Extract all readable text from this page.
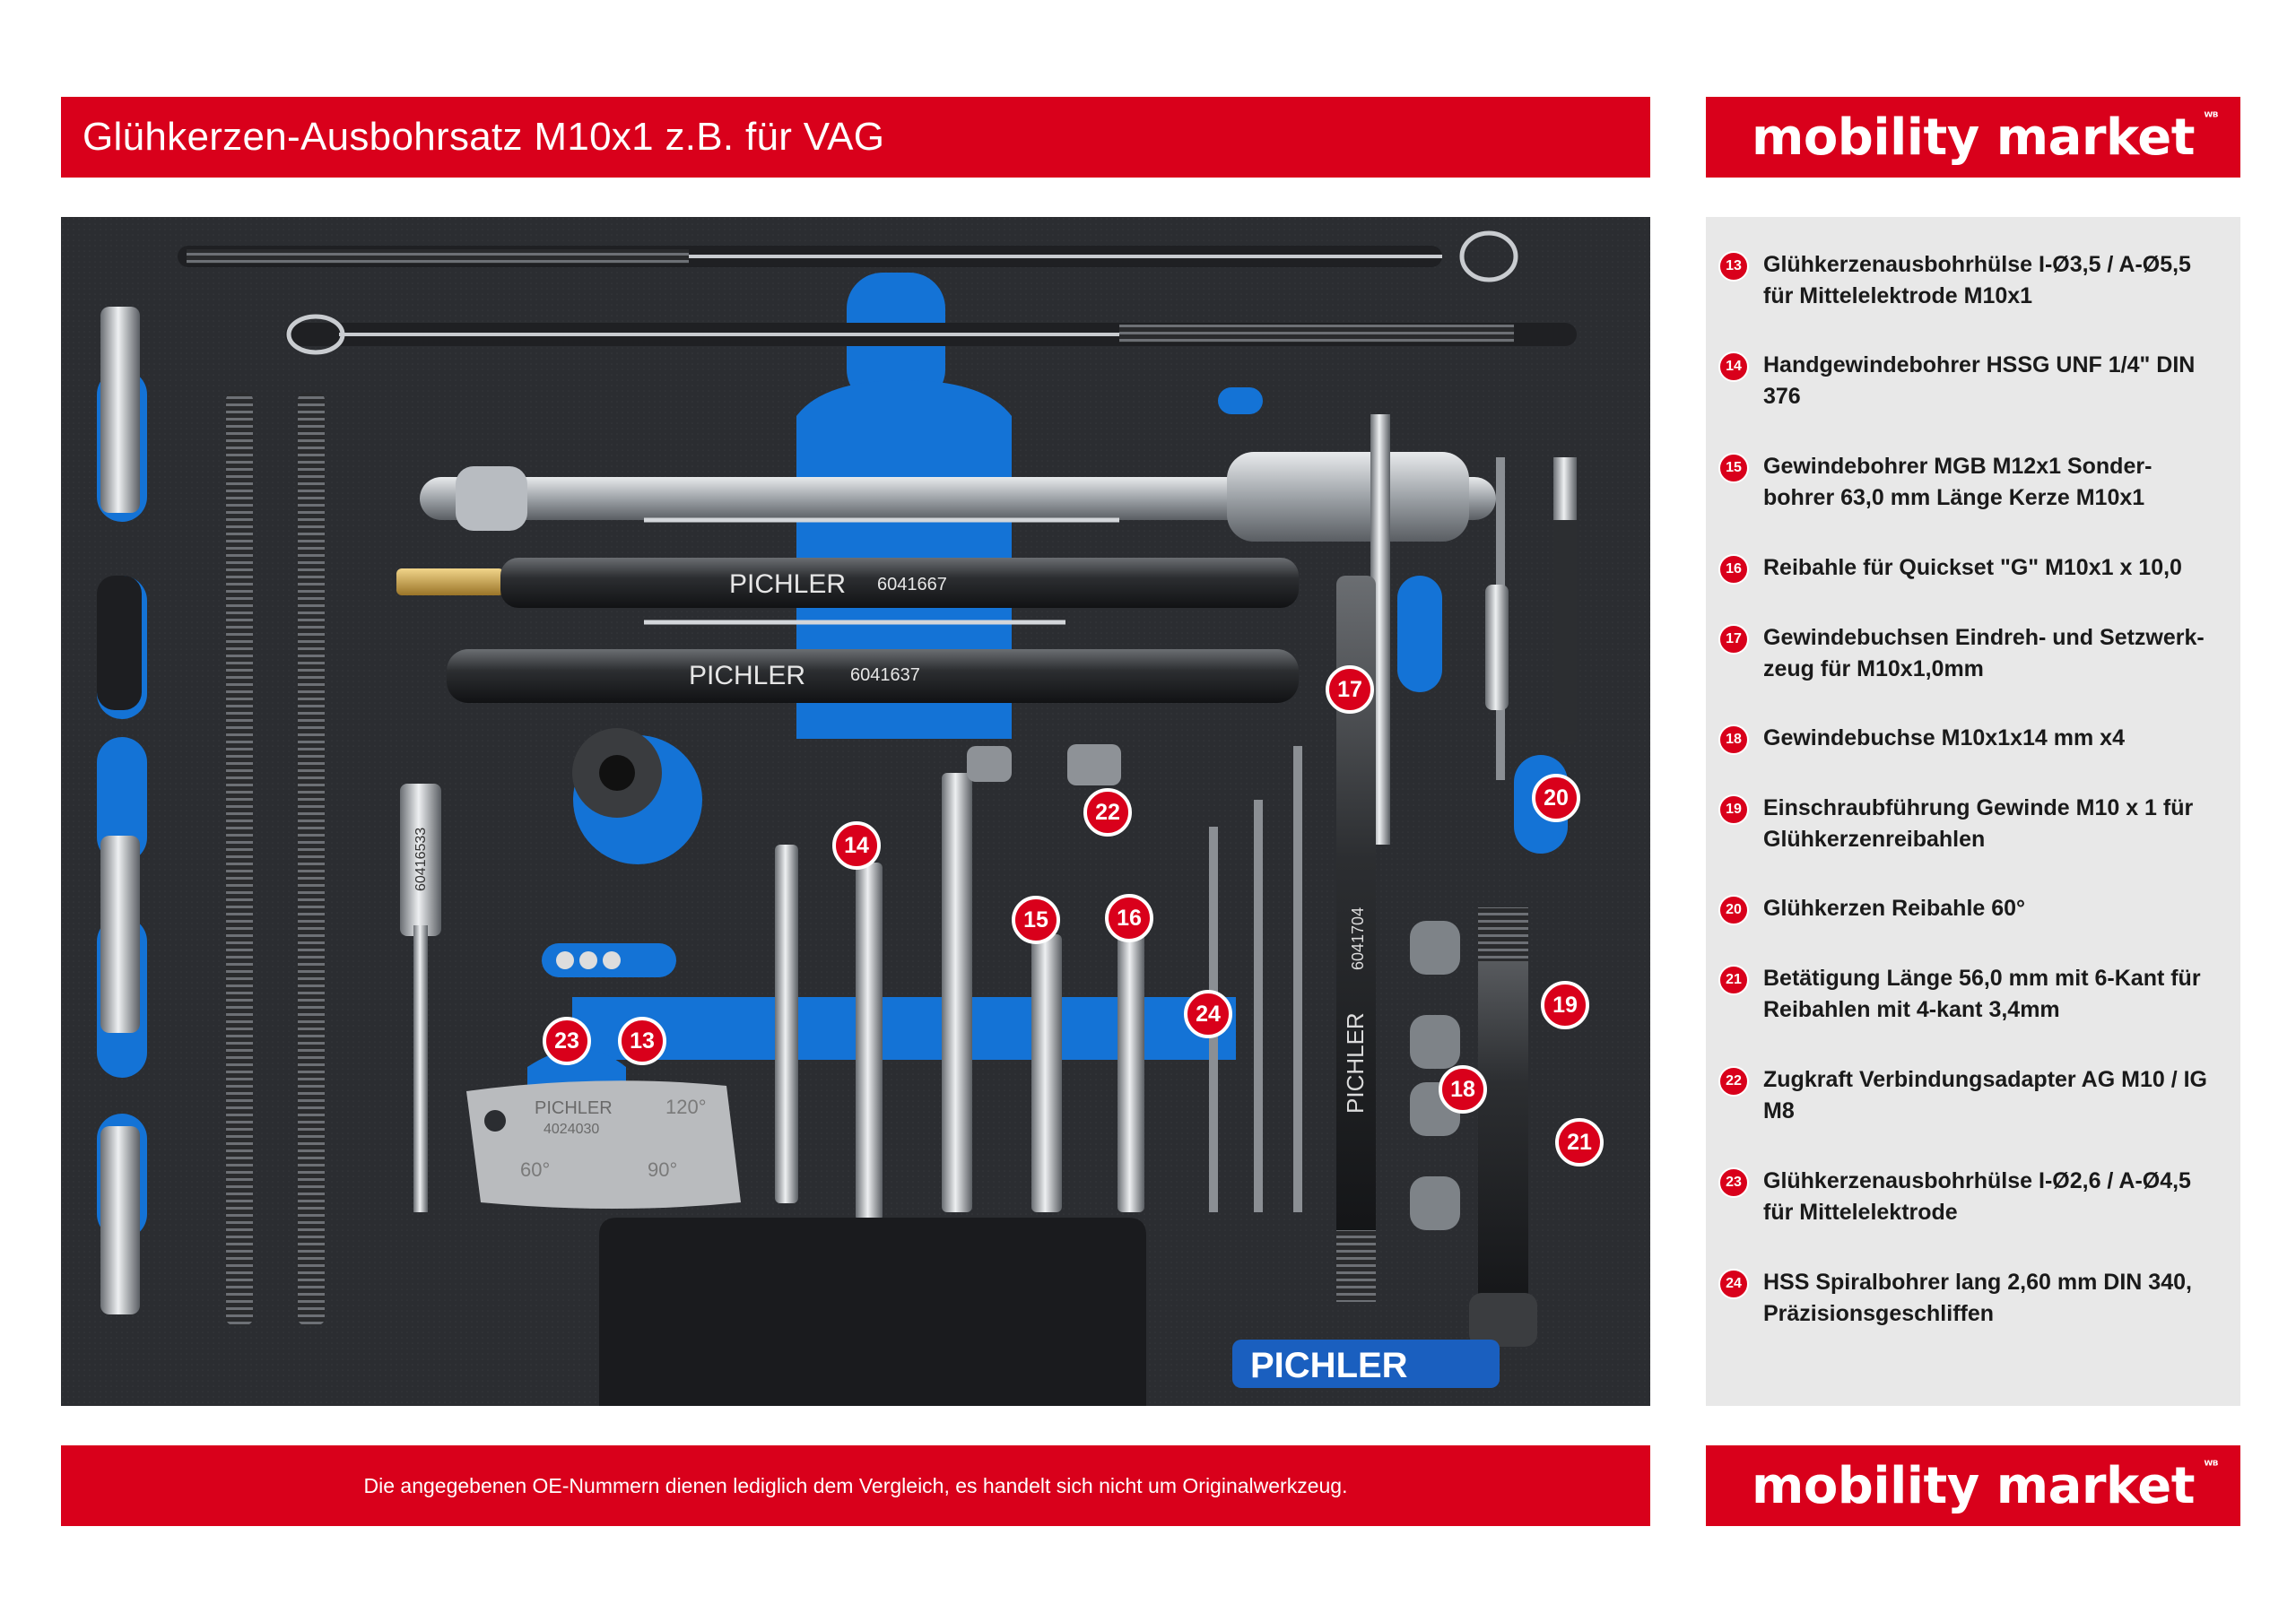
Glühkerzen-Ausbohrsatz M10x1 z.B. für VAG	mobility market ᵂᴮ
PICHLER 6041667
PICHLER 6041637
PICHLER
6041704
60416533
PICHLER
4024030
60°	90°
120°
PICHLER
17
22
20
14
15	16
24	19
23	13
18
21
13 Glühkerzenausbohrhülse I-Ø3,5 / A-Ø5,5 für Mittelelektrode M10x1
14 Handgewindebohrer HSSG UNF 1/4" DIN 376
15 Gewindebohrer MGB M12x1 Sonder-bohrer 63,0 mm Länge Kerze M10x1
16 Reibahle für Quickset "G" M10x1 x 10,0
17 Gewindebuchsen Eindreh- und Setzwerk-zeug für M10x1,0mm
18 Gewindebuchse M10x1x14 mm x4
19 Einschraubführung Gewinde M10 x 1 für Glühkerzenreibahlen
20 Glühkerzen Reibahle 60°
21 Betätigung Länge 56,0 mm mit 6-Kant für Reibahlen mit 4-kant 3,4mm
22 Zugkraft Verbindungsadapter AG M10 / IG M8
23 Glühkerzenausbohrhülse I-Ø2,6 / A-Ø4,5 für Mittelelektrode
24 HSS Spiralbohrer lang 2,60 mm DIN 340, Präzisionsgeschliffen
Die angegebenen OE-Nummern dienen lediglich dem Vergleich, es handelt sich nicht um Originalwerkzeug.	mobility market ᵂᴮ
